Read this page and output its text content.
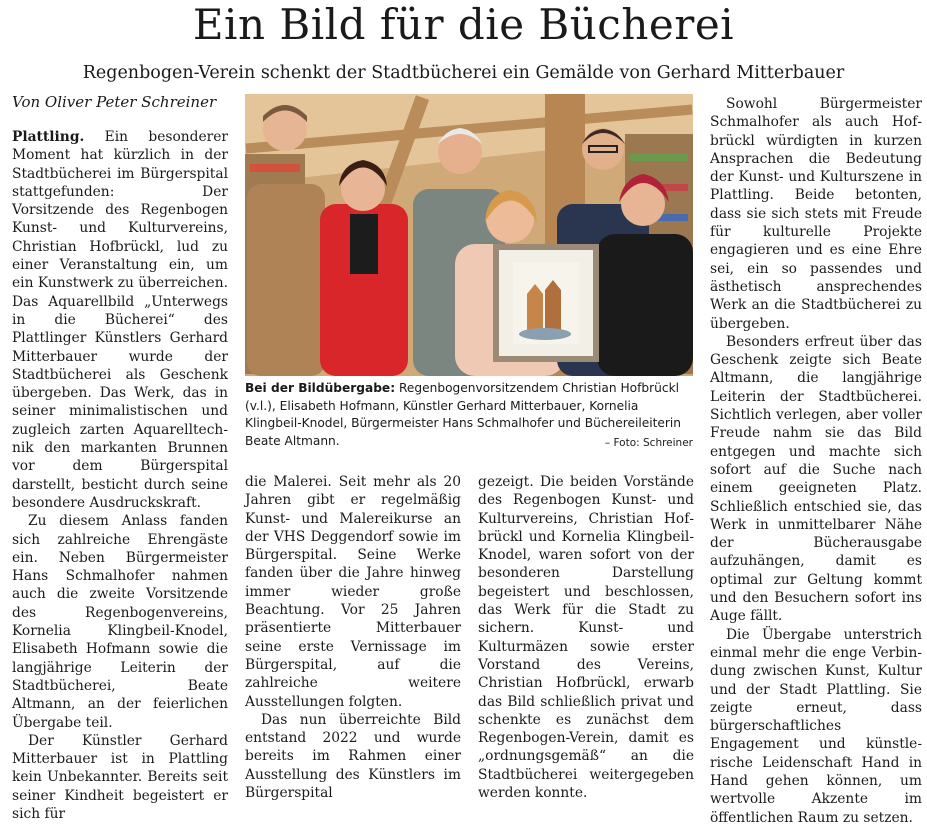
Ein Bild für die Bücherei
Regenbogen-Verein schenkt der Stadtbücherei ein Gemälde von Gerhard Mitterbauer
Von Oliver Peter Schreiner

Plattling. Ein besonderer Moment hat kürzlich in der Stadtbücherei im Bürgerspital stattgefunden: Der Vorsitzende des Regenbogen Kunst- und Kulturvereins, Christian Hofbrückl, lud zu einer Veranstaltung ein, um ein Kunstwerk zu überreichen. Das Aquarellbild „Unterwegs in die Bücherei“ des Plattlinger Künstlers Gerhard Mitterbauer wurde der Stadtbücherei als Geschenk übergeben. Das Werk, das in seiner minimalistischen und zugleich zarten Aquarelltechnik den markanten Brunnen vor dem Bürgerspital darstellt, besticht durch seine besondere Ausdruckskraft.

Zu diesem Anlass fanden sich zahlreiche Ehrengäste ein. Neben Bürgermeister Hans Schmalhofer nahmen auch die zweite Vorsitzende des Regenbogenvereins, Kornelia Klingbeil-Knodel, Elisabeth Hofmann sowie die langjährige Leiterin der Stadtbücherei, Beate Altmann, an der feierlichen Übergabe teil.

Der Künstler Gerhard Mitterbauer ist in Plattling kein Unbekannter. Bereits seit seiner Kindheit begeistert er sich für

Bei der Bildübergabe: Regenbogenvorsitzendem Christian Hofbrückl (v.l.), Elisabeth Hofmann, Künstler Gerhard Mitterbauer, Kornelia Klingbeil-Knodel, Bürgermeister Hans Schmalhofer und Büchereileiterin Beate Altmann.	– Foto: Schreiner

die Malerei. Seit mehr als 20 Jahren gibt er regelmäßig Kunst- und Malereikurse an der VHS Deggendorf sowie im Bürgerspital. Seine Werke fanden über die Jahre hinweg immer wieder große Beachtung. Vor 25 Jahren präsentierte Mitterbauer seine erste Vernissage im Bürgerspital, auf die zahlreiche weitere Ausstellungen folgten.

Das nun überreichte Bild entstand 2022 und wurde bereits im Rahmen einer Ausstellung des Künstlers im Bürgerspital

gezeigt. Die beiden Vorstände des Regenbogen Kunst- und Kulturvereins, Christian Hofbrückl und Kornelia Klingbeil-Knodel, waren sofort von der besonderen Darstellung begeistert und beschlossen, das Werk für die Stadt zu sichern. Kunst- und Kulturmäzen sowie erster Vorstand des Vereins, Christian Hofbrückl, erwarb das Bild schließlich privat und schenkte es zunächst dem Regenbogen-Verein, damit es „ordnungsgemäß“ an die Stadtbücherei weitergegeben werden konnte.

Sowohl Bürgermeister Schmalhofer als auch Hofbrückl würdigten in kurzen Ansprachen die Bedeutung der Kunst- und Kulturszene in Plattling. Beide betonten, dass sie sich stets mit Freude für kulturelle Projekte engagieren und es eine Ehre sei, ein so passendes und ästhetisch ansprechendes Werk an die Stadtbücherei zu übergeben.

Besonders erfreut über das Geschenk zeigte sich Beate Altmann, die langjährige Leiterin der Stadtbücherei. Sichtlich verlegen, aber voller Freude nahm sie das Bild entgegen und machte sich sofort auf die Suche nach einem geeigneten Platz. Schließlich entschied sie, das Werk in unmittelbarer Nähe der Bücherausgabe aufzuhängen, damit es optimal zur Geltung kommt und den Besuchern sofort ins Auge fällt.

Die Übergabe unterstrich einmal mehr die enge Verbindung zwischen Kunst, Kultur und der Stadt Plattling. Sie zeigte erneut, dass bürgerschaftliches Engagement und künstlerische Leidenschaft Hand in Hand gehen können, um wertvolle Akzente im öffentlichen Raum zu setzen.
